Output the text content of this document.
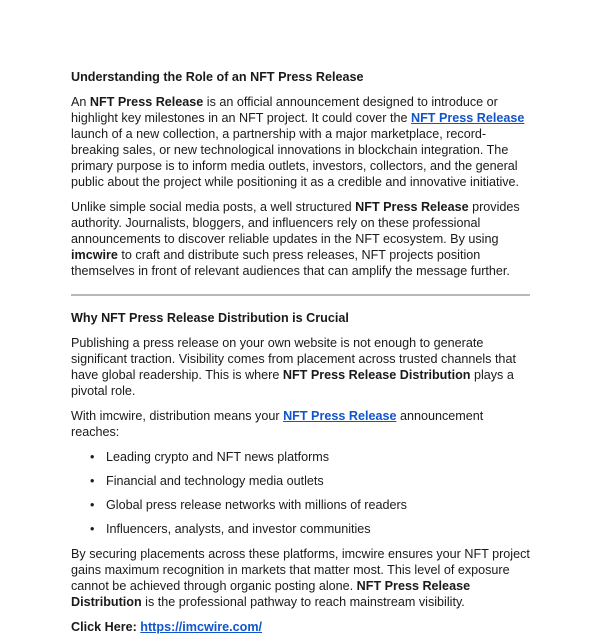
Understanding the Role of an NFT Press Release

An NFT Press Release is an official announcement designed to introduce or highlight key milestones in an NFT project. It could cover the NFT Press Release launch of a new collection, a partnership with a major marketplace, record-breaking sales, or new technological innovations in blockchain integration. The primary purpose is to inform media outlets, investors, collectors, and the general public about the project while positioning it as a credible and innovative initiative.

Unlike simple social media posts, a well structured NFT Press Release provides authority. Journalists, bloggers, and influencers rely on these professional announcements to discover reliable updates in the NFT ecosystem. By using imcwire to craft and distribute such press releases, NFT projects position themselves in front of relevant audiences that can amplify the message further.

Why NFT Press Release Distribution is Crucial

Publishing a press release on your own website is not enough to generate significant traction. Visibility comes from placement across trusted channels that have global readership. This is where NFT Press Release Distribution plays a pivotal role.

With imcwire, distribution means your NFT Press Release announcement reaches:

• Leading crypto and NFT news platforms
• Financial and technology media outlets
• Global press release networks with millions of readers
• Influencers, analysts, and investor communities

By securing placements across these platforms, imcwire ensures your NFT project gains maximum recognition in markets that matter most. This level of exposure cannot be achieved through organic posting alone. NFT Press Release Distribution is the professional pathway to reach mainstream visibility.

Click Here: https://imcwire.com/
